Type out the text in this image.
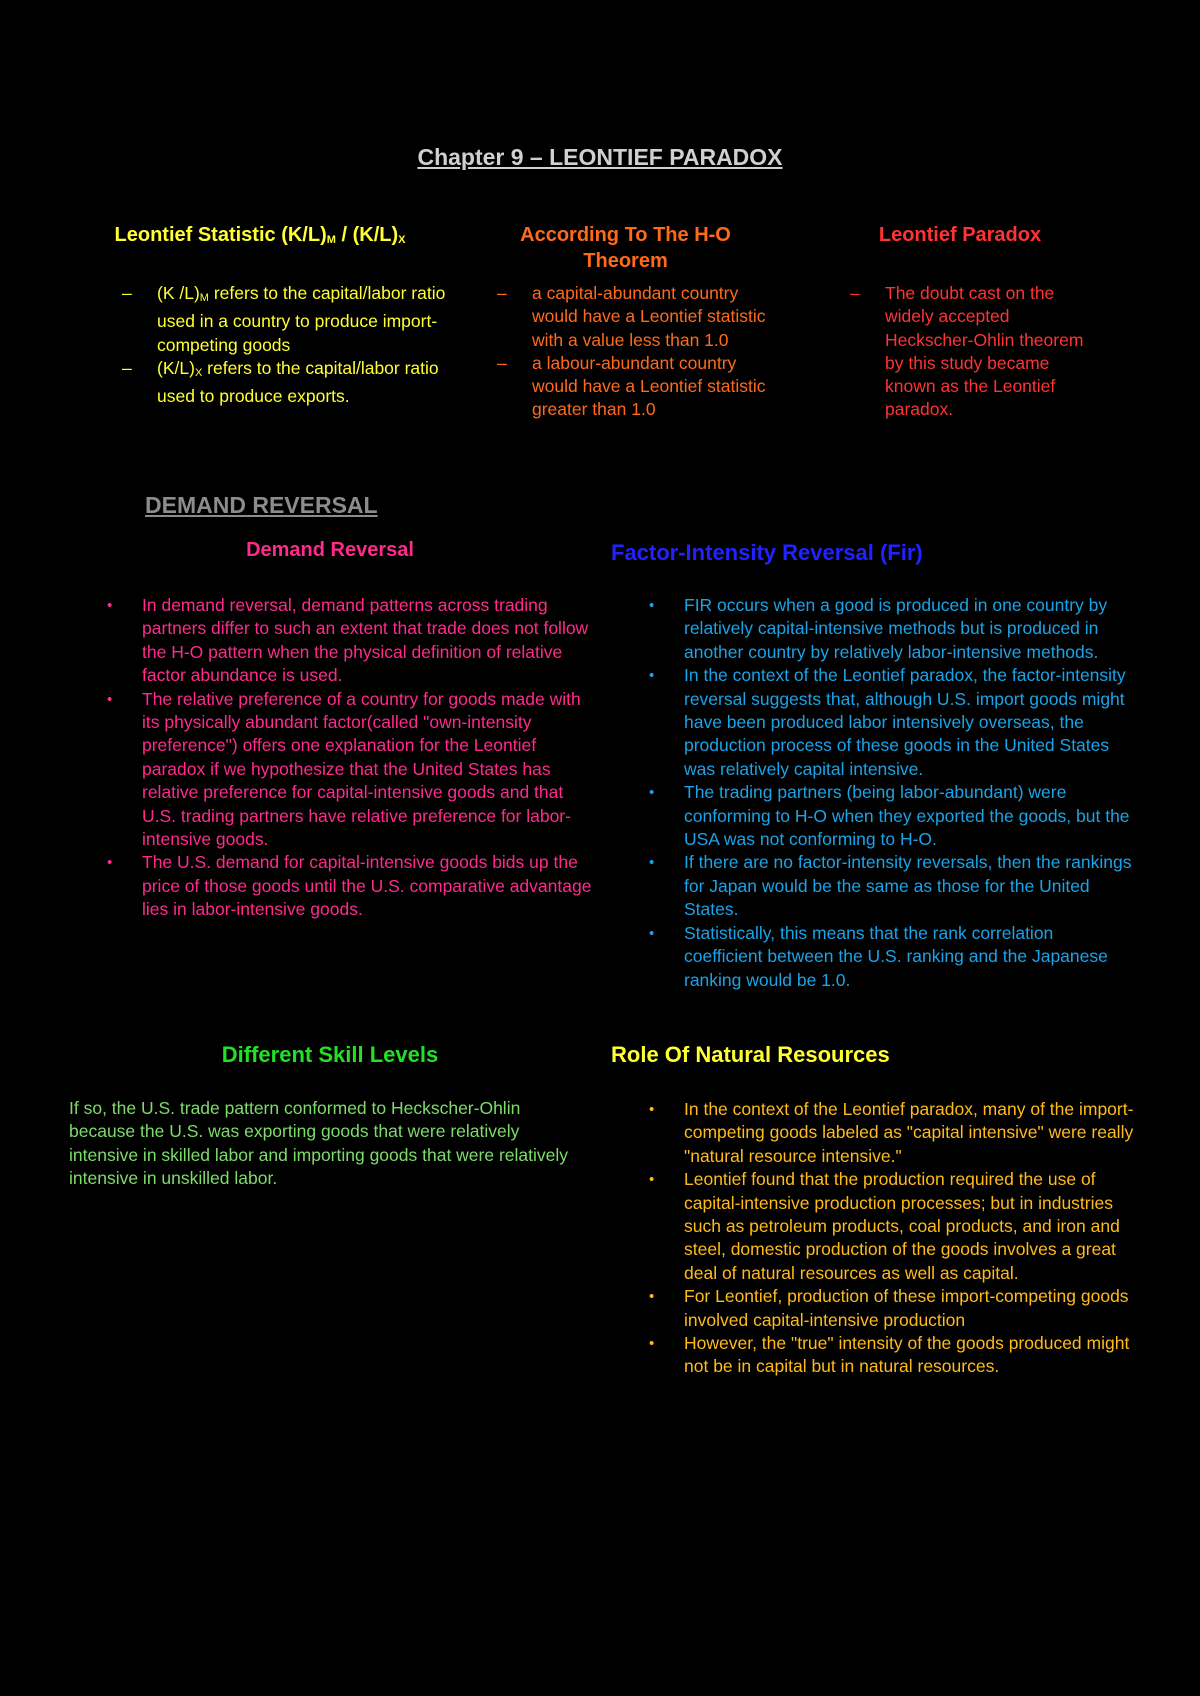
Chapter 9 – LEONTIEF PARADOX
Leontief Statistic $(K/L)_M / (K/L)_X$
– (K $/L)_M$ refers to the capital/labor ratio used in a country to produce import-competing goods
– $(K/L)_X$ refers to the capital/labor ratio used to produce exports.
According To The H-O Theorem
– a capital-abundant country would have a Leontief statistic with a value less than 1.0
– a labour-abundant country would have a Leontief statistic greater than 1.0
Leontief Paradox
– The doubt cast on the widely accepted Heckscher-Ohlin theorem by this study became known as the Leontief paradox.
DEMAND REVERSAL
Demand Reversal
• In demand reversal, demand patterns across trading partners differ to such an extent that trade does not follow the H-O pattern when the physical definition of relative factor abundance is used.
• The relative preference of a country for goods made with its physically abundant factor(called "own-intensity preference") offers one explanation for the Leontief paradox if we hypothesize that the United States has relative preference for capital-intensive goods and that U.S. trading partners have relative preference for labor-intensive goods.
• The U.S. demand for capital-intensive goods bids up the price of those goods until the U.S. comparative advantage lies in labor-intensive goods.
Factor-Intensity Reversal (Fir)
• FIR occurs when a good is produced in one country by relatively capital-intensive methods but is produced in another country by relatively labor-intensive methods.
• In the context of the Leontief paradox, the factor-intensity reversal suggests that, although U.S. import goods might have been produced labor intensively overseas, the production process of these goods in the United States was relatively capital intensive.
• The trading partners (being labor-abundant) were conforming to H-O when they exported the goods, but the USA was not conforming to H-O.
• If there are no factor-intensity reversals, then the rankings for Japan would be the same as those for the United States.
• Statistically, this means that the rank correlation coefficient between the U.S. ranking and the Japanese ranking would be 1.0.
Different Skill Levels
If so, the U.S. trade pattern conformed to Heckscher-Ohlin because the U.S. was exporting goods that were relatively intensive in skilled labor and importing goods that were relatively intensive in unskilled labor.
Role Of Natural Resources
• In the context of the Leontief paradox, many of the import-competing goods labeled as "capital intensive" were really "natural resource intensive."
• Leontief found that the production required the use of capital-intensive production processes; but in industries such as petroleum products, coal products, and iron and steel, domestic production of the goods involves a great deal of natural resources as well as capital.
• For Leontief, production of these import-competing goods involved capital-intensive production
• However, the "true" intensity of the goods produced might not be in capital but in natural resources.
